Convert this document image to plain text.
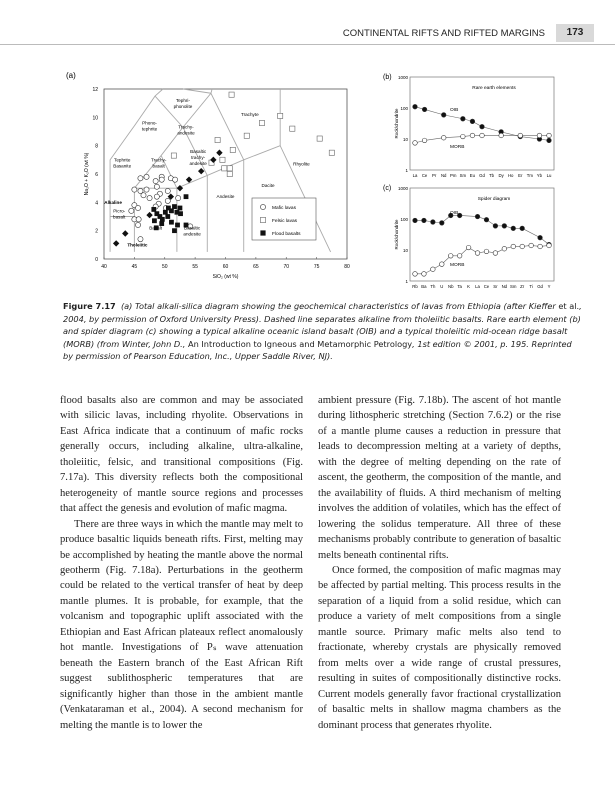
CONTINENTAL RIFTS AND RIFTED MARGINS	173
(a)
40	45	50	55	60	65	70	75	80
0
2
4
6
8
10
12
SiO₂ (wt %)
Na₂O + K₂O (wt %)
Tephri-
phonolite
Phono-
tephrite	Trachy-
andesite
Trachyte
Basaltic
trachy-
andesite
Tephrite
Basanite
Trachy-
basalt	Rhyolite
Dacite
Andesite
Alkaline
Picro-
basalt
Basalt
Tholeiitic
Basaltic
andesite
Mafic lavas
Felsic lavas
Flood basalts
(b) 1000
100
10
1
Rock/chondrite
Rare earth elements
La Ce Pr Nd Pm Sm Eu Gd Tb Dy Ho Er Tm Yb Lu
OIB
MORB
(c) 1000
100
10
1
Rock/chondrite
Spider diagram
Rb Ba Th U Nb Ta K La Ce Sr Nd Sm Zr Ti Gd Y
OIB
MORB
Figure 7.17 (a) Total alkali-silica diagram showing the geochemical characteristics of lavas from Ethiopia (after Kieffer et al., 2004, by permission of Oxford University Press). Dashed line separates alkaline from tholeiitic basalts. Rare earth element (b) and spider diagram (c) showing a typical alkaline oceanic island basalt (OIB) and a typical tholeiitic mid-ocean ridge basalt (MORB) (from Winter, John D., An Introduction to Igneous and Metamorphic Petrology, 1st edition © 2001, p. 195. Reprinted by permission of Pearson Education, Inc., Upper Saddle River, NJ).

flood basalts also are common and may be associated with silicic lavas, including rhyolite. Observations in East Africa indicate that a continuum of mafic rocks generally occurs, including alkaline, ultra-alkaline, tholeiitic, felsic, and transitional compositions (Fig. 7.17a). This diversity reflects both the compositional heterogeneity of mantle source regions and processes that affect the genesis and evolution of mafic magma.

There are three ways in which the mantle may melt to produce basaltic liquids beneath rifts. First, melting may be accomplished by heating the mantle above the normal geotherm (Fig. 7.18a). Perturbations in the geotherm could be related to the vertical transfer of heat by deep mantle plumes. It is probable, for example, that the volcanism and topographic uplift associated with the Ethiopian and East African plateaux reflect anomalously hot mantle. Investigations of Pₛ wave attenuation beneath the Eastern branch of the East African Rift suggest sublithospheric temperatures that are significantly higher than those in the ambient mantle (Venkataraman et al., 2004). A second mechanism for melting the mantle is to lower the

ambient pressure (Fig. 7.18b). The ascent of hot mantle during lithospheric stretching (Section 7.6.2) or the rise of a mantle plume causes a reduction in pressure that leads to decompression melting at a variety of depths, with the degree of melting depending on the rate of ascent, the geotherm, the composition of the mantle, and the availability of fluids. A third mechanism of melting involves the addition of volatiles, which has the effect of lowering the solidus temperature. All three of these mechanisms probably contribute to generation of basaltic melts beneath continental rifts.

Once formed, the composition of mafic magmas may be affected by partial melting. This process results in the separation of a liquid from a solid residue, which can produce a variety of melt compositions from a single mantle source. Primary mafic melts also tend to fractionate, whereby crystals are physically removed from melts over a wide range of crustal pressures, resulting in suites of compositionally distinctive rocks. Current models generally favor fractional crystallization of basaltic melts in shallow magma chambers as the dominant process that generates rhyolite.
